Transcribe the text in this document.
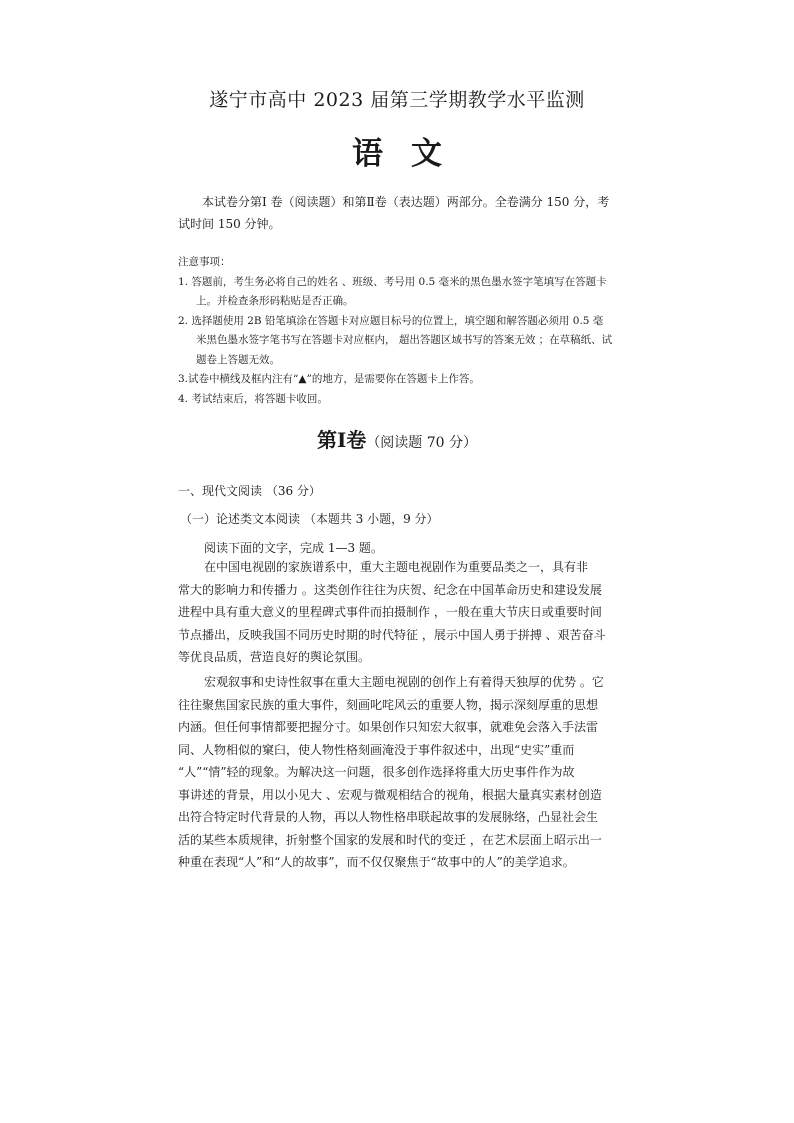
遂宁市高中 2023 届第三学期教学水平监测
语文
本试卷分第Ⅰ 卷（阅读题）和第Ⅱ卷（表达题）两部分。全卷满分 150 分，考试时间 150 分钟。
注意事项：
1. 答题前，考生务必将自己的姓名 、班级、考号用 0.5 毫米的黑色墨水签字笔填写在答题卡
上。并检查条形码粘贴是否正确。
2. 选择题使用 2B 铅笔填涂在答题卡对应题目标号的位置上，填空题和解答题必须用 0.5 毫
米黑色墨水签字笔书写在答题卡对应框内， 超出答题区域书写的答案无效 ；在草稿纸、试
题卷上答题无效。
3.试卷中横线及框内注有“▲”的地方，是需要你在答题卡上作答。
4. 考试结束后，将答题卡收回。
第Ⅰ卷（阅读题 70 分）
一、现代文阅读 （36 分）
（一）论述类文本阅读 （本题共 3 小题，9 分）
阅读下面的文字，完成 1—3 题。
在中国电视剧的家族谱系中，重大主题电视剧作为重要品类之一，具有非
常大的影响力和传播力 。这类创作往往为庆贺、纪念在中国革命历史和建设发展
进程中具有重大意义的里程碑式事件而拍摄制作 ，一般在重大节庆日或重要时间
节点播出，反映我国不同历史时期的时代特征 ，展示中国人勇于拼搏 、艰苦奋斗
等优良品质，营造良好的舆论氛围。
宏观叙事和史诗性叙事在重大主题电视剧的创作上有着得天独厚的优势 。它
往往聚焦国家民族的重大事件，刻画叱咤风云的重要人物，揭示深刻厚重的思想
内涵。但任何事情都要把握分寸。如果创作只知宏大叙事，就难免会落入手法雷
同、人物相似的窠臼，使人物性格刻画淹没于事件叙述中，出现“史实”重而
“人”“情”轻的现象。为解决这一问题，很多创作选择将重大历史事件作为故
事讲述的背景，用以小见大 、宏观与微观相结合的视角，根据大量真实素材创造
出符合特定时代背景的人物，再以人物性格串联起故事的发展脉络，凸显社会生
活的某些本质规律，折射整个国家的发展和时代的变迁 ，在艺术层面上昭示出一
种重在表现“人”和“人的故事”，而不仅仅聚焦于“故事中的人”的美学追求。
